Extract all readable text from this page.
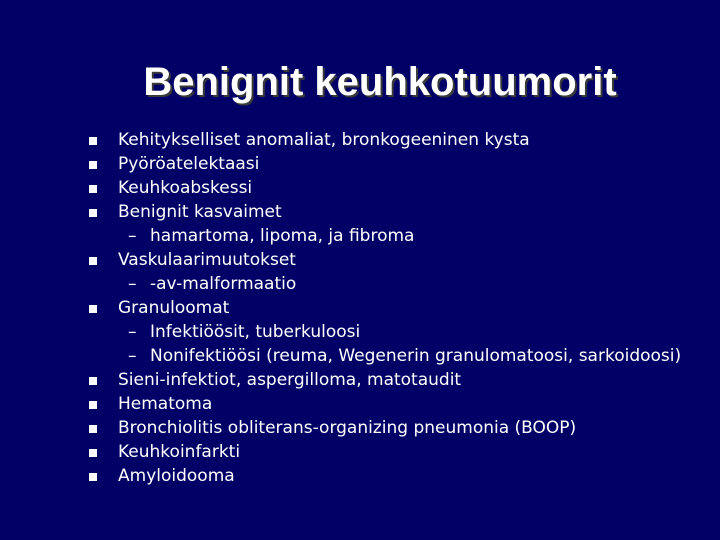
Benignit keuhkotuumorit
Kehitykselliset anomaliat, bronkogeeninen kysta
Pyöröatelektaasi
Keuhkoabskessi
Benignit kasvaimet
– hamartoma, lipoma, ja fibroma
Vaskulaarimuutokset
– -av-malformaatio
Granuloomat
– Infektiöösit, tuberkuloosi
– Nonifektiöösi (reuma, Wegenerin granulomatoosi, sarkoidoosi)
Sieni-infektiot, aspergilloma, matotaudit
Hematoma
Bronchiolitis obliterans-organizing pneumonia (BOOP)
Keuhkoinfarkti
Amyloidooma
